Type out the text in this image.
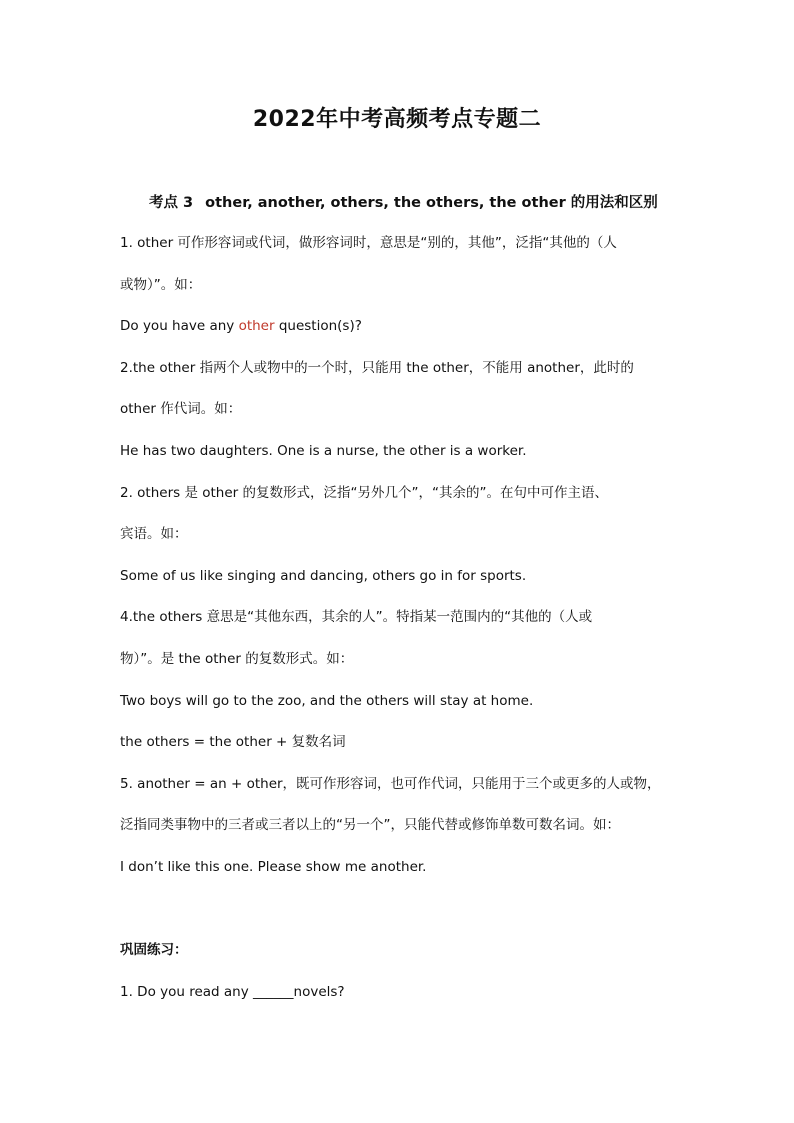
2022年中考高频考点专题二
考点 3 other, another, others, the others, the other 的用法和区别
1. other 可作形容词或代词，做形容词时，意思是“别的，其他”，泛指“其他的（人
或物）”。如：
Do you have any other question(s)?
2.the other 指两个人或物中的一个时，只能用 the other，不能用 another，此时的
other 作代词。如：
He has two daughters. One is a nurse, the other is a worker.
2. others 是 other 的复数形式，泛指“另外几个”，“其余的”。在句中可作主语、
宾语。如：
Some of us like singing and dancing, others go in for sports.
4.the others 意思是“其他东西，其余的人”。特指某一范围内的“其他的（人或
物）”。是 the other 的复数形式。如：
Two boys will go to the zoo, and the others will stay at home.
the others = the other + 复数名词
5. another = an + other，既可作形容词，也可作代词，只能用于三个或更多的人或物，
泛指同类事物中的三者或三者以上的“另一个”，只能代替或修饰单数可数名词。如：
I don’t like this one. Please show me another.
巩固练习：
1. Do you read any ______novels?
